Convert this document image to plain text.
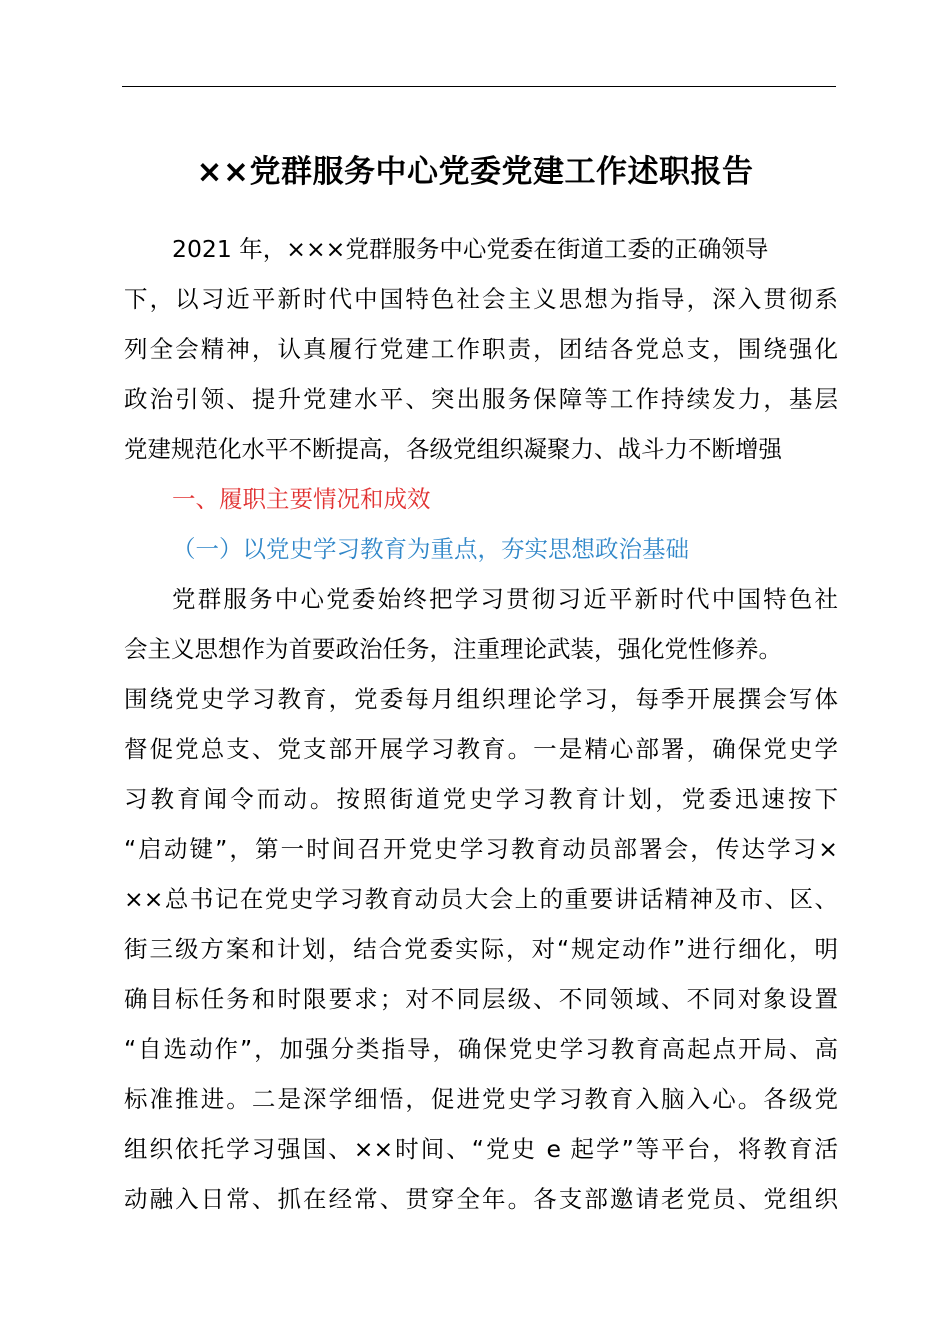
××党群服务中心党委党建工作述职报告
2021 年，×××党群服务中心党委在街道工委的正确领导
下，以习近平新时代中国特色社会主义思想为指导，深入贯彻系
列全会精神，认真履行党建工作职责，团结各党总支，围绕强化
政治引领、提升党建水平、突出服务保障等工作持续发力，基层
党建规范化水平不断提高，各级党组织凝聚力、战斗力不断增强
一、履职主要情况和成效
（一）以党史学习教育为重点，夯实思想政治基础
党群服务中心党委始终把学习贯彻习近平新时代中国特色社
会主义思想作为首要政治任务，注重理论武装，强化党性修养。
围绕党史学习教育，党委每月组织理论学习，每季开展撰会写体
督促党总支、党支部开展学习教育。一是精心部署，确保党史学
习教育闻令而动。按照街道党史学习教育计划，党委迅速按下
“启动键”，第一时间召开党史学习教育动员部署会，传达学习×
××总书记在党史学习教育动员大会上的重要讲话精神及市、区、
街三级方案和计划，结合党委实际，对“规定动作”进行细化，明
确目标任务和时限要求；对不同层级、不同领域、不同对象设置
“自选动作”，加强分类指导，确保党史学习教育高起点开局、高
标准推进。二是深学细悟，促进党史学习教育入脑入心。各级党
组织依托学习强国、××时间、“党史 e 起学”等平台，将教育活
动融入日常、抓在经常、贯穿全年。各支部邀请老党员、党组织
